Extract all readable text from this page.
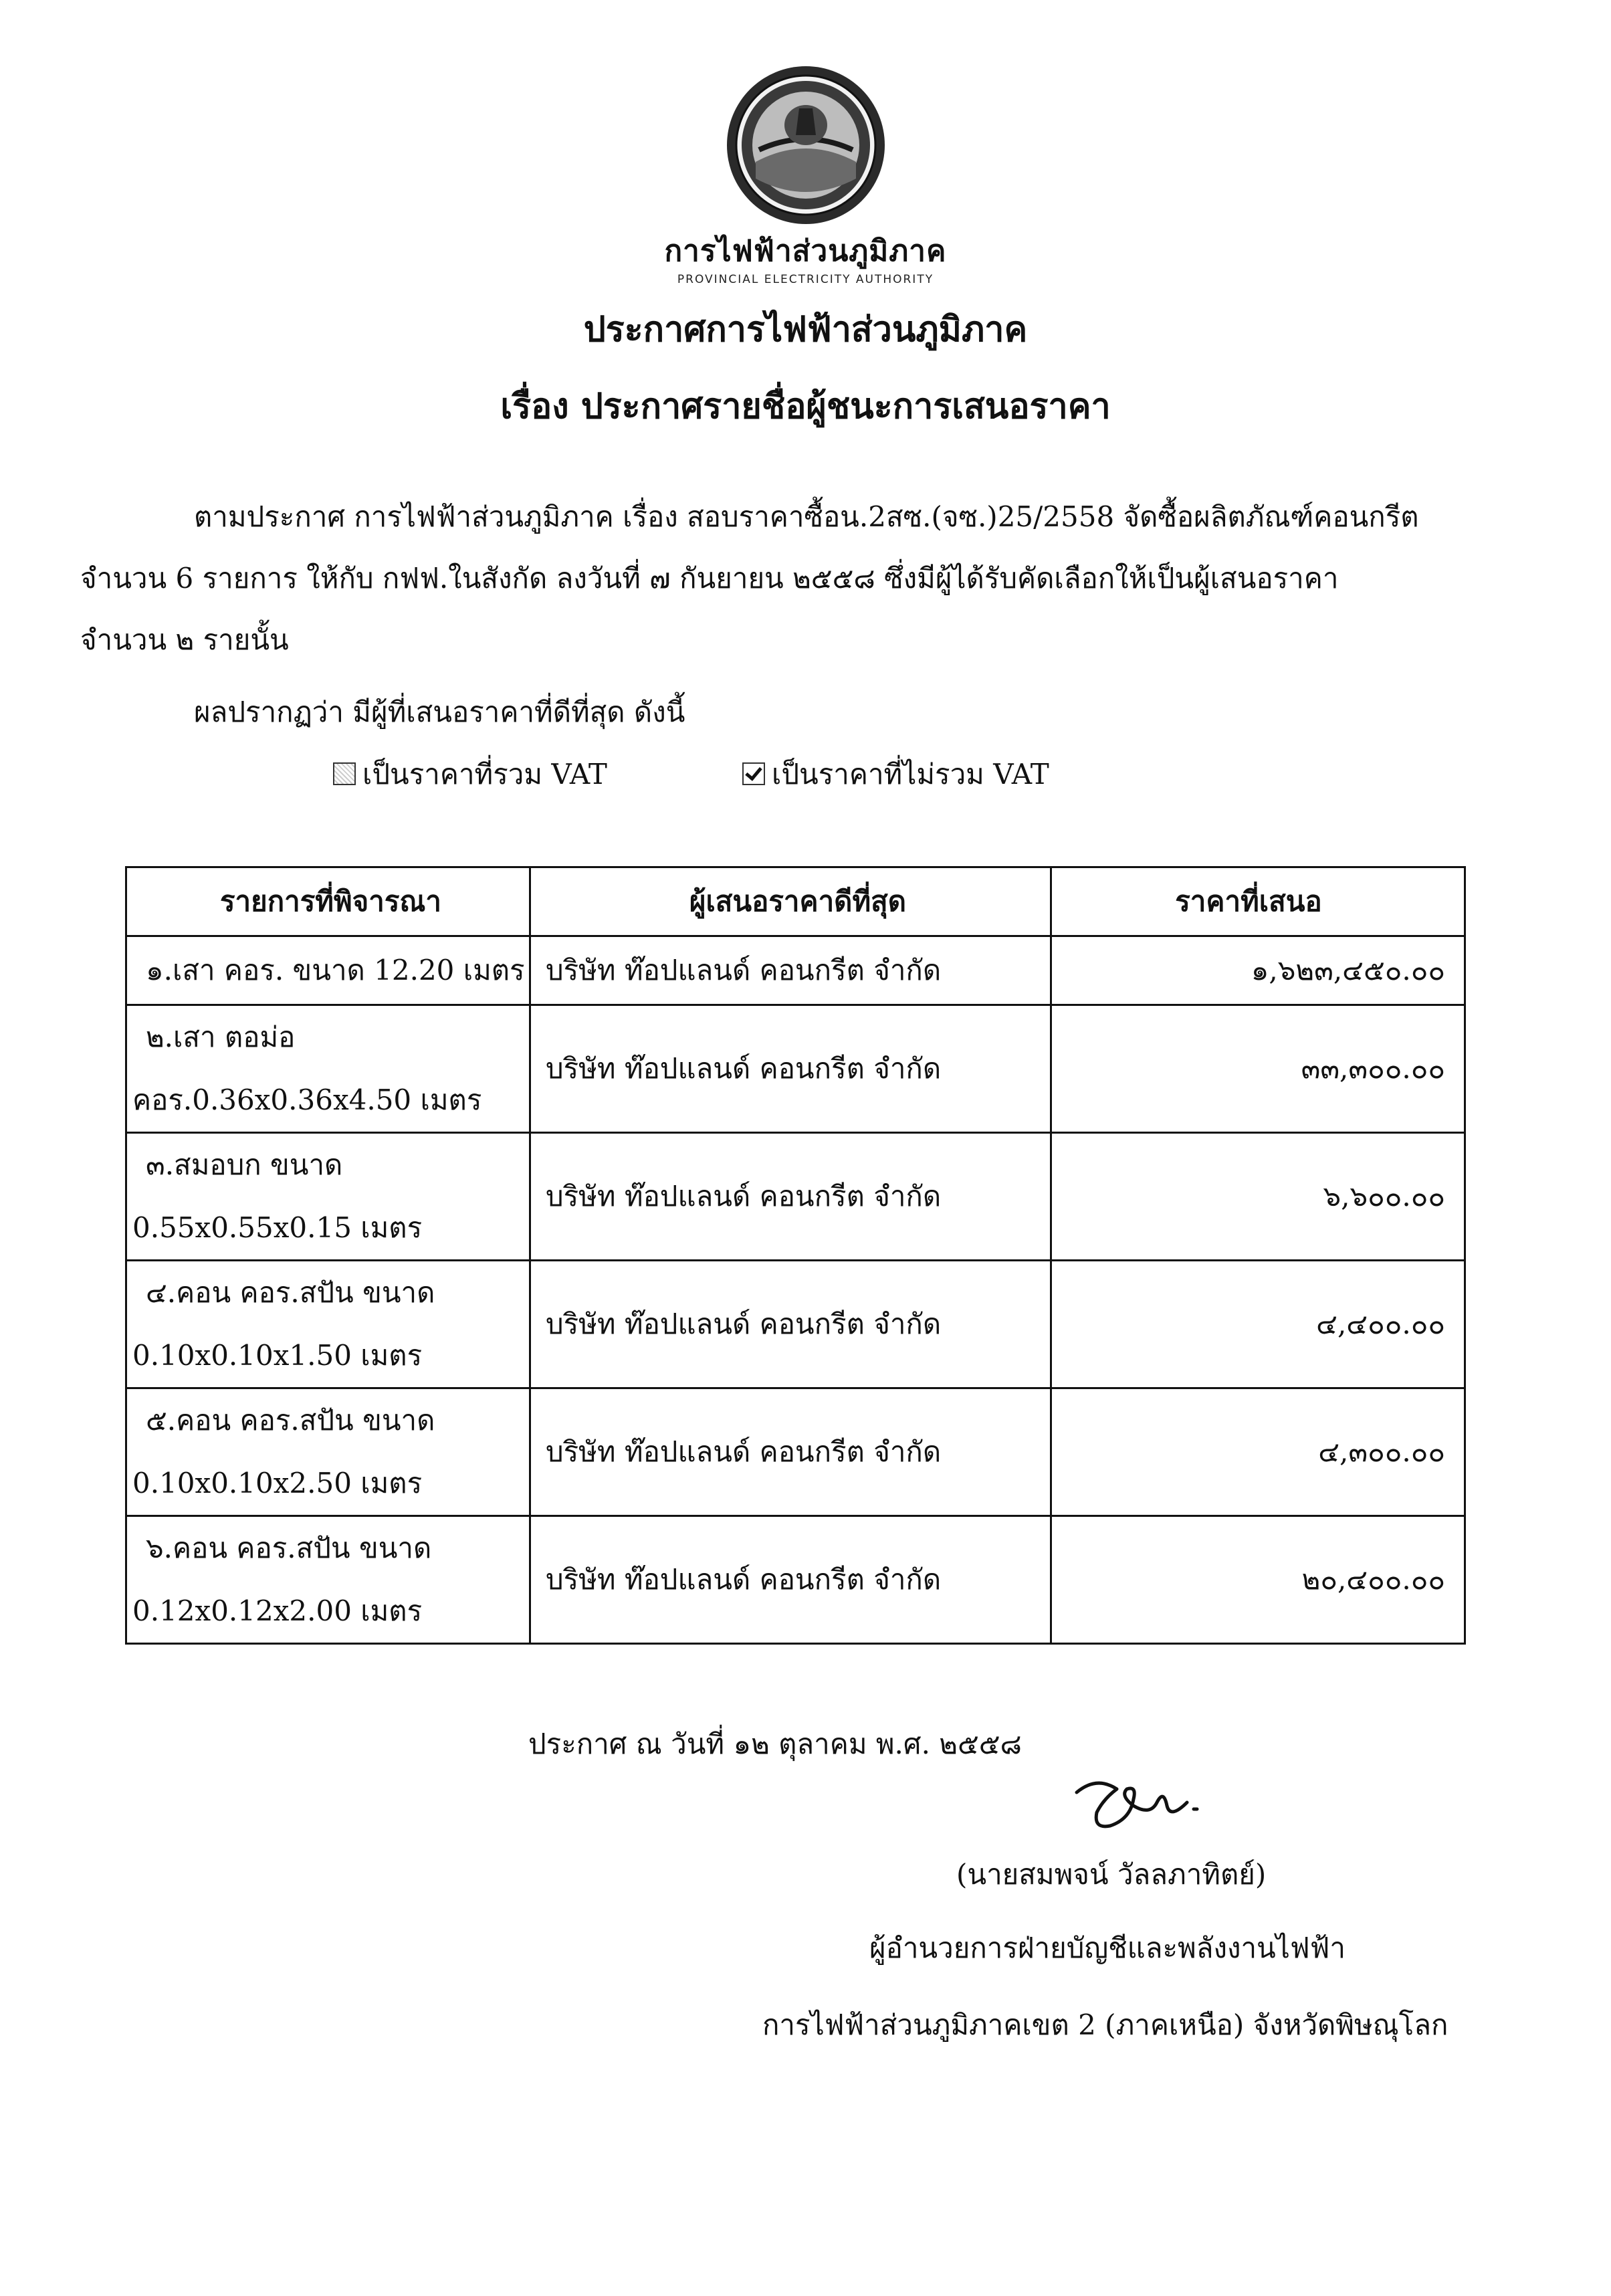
การไฟฟ้าส่วนภูมิภาค
PROVINCIAL ELECTRICITY AUTHORITY
ประกาศการไฟฟ้าส่วนภูมิภาค
เรื่อง ประกาศรายชื่อผู้ชนะการเสนอราคา
ตามประกาศ การไฟฟ้าส่วนภูมิภาค เรื่อง สอบราคาซื้อน.2สซ.(จซ.)25/2558 จัดซื้อผลิตภัณฑ์คอนกรีต
จำนวน 6 รายการ ให้กับ กฟฟ.ในสังกัด ลงวันที่ ๗ กันยายน ๒๕๕๘ ซึ่งมีผู้ได้รับคัดเลือกให้เป็นผู้เสนอราคา
จำนวน ๒ รายนั้น
ผลปรากฏว่า มีผู้ที่เสนอราคาที่ดีที่สุด ดังนี้
เป็นราคาที่รวม VAT	เป็นราคาที่ไม่รวม VAT
รายการที่พิจารณา	ผู้เสนอราคาดีที่สุด	ราคาที่เสนอ

๑.เสา คอร. ขนาด 12.20 เมตร	บริษัท ท๊อปแลนด์ คอนกรีต จำกัด	๑,๖๒๓,๔๕๐.๐๐

๒.เสา ตอม่อ
คอร.0.36x0.36x4.50 เมตร	บริษัท ท๊อปแลนด์ คอนกรีต จำกัด	๓๓,๓๐๐.๐๐

๓.สมอบก ขนาด
0.55x0.55x0.15 เมตร	บริษัท ท๊อปแลนด์ คอนกรีต จำกัด	๖,๖๐๐.๐๐

๔.คอน คอร.สปัน ขนาด
0.10x0.10x1.50 เมตร	บริษัท ท๊อปแลนด์ คอนกรีต จำกัด	๔,๔๐๐.๐๐

๕.คอน คอร.สปัน ขนาด
0.10x0.10x2.50 เมตร	บริษัท ท๊อปแลนด์ คอนกรีต จำกัด	๔,๓๐๐.๐๐

๖.คอน คอร.สปัน ขนาด
0.12x0.12x2.00 เมตร	บริษัท ท๊อปแลนด์ คอนกรีต จำกัด	๒๐,๔๐๐.๐๐
ประกาศ ณ วันที่ ๑๒ ตุลาคม พ.ศ. ๒๕๕๘
(นายสมพจน์ วัลลภาทิตย์)
ผู้อำนวยการฝ่ายบัญชีและพลังงานไฟฟ้า
การไฟฟ้าส่วนภูมิภาคเขต 2 (ภาคเหนือ) จังหวัดพิษณุโลก
